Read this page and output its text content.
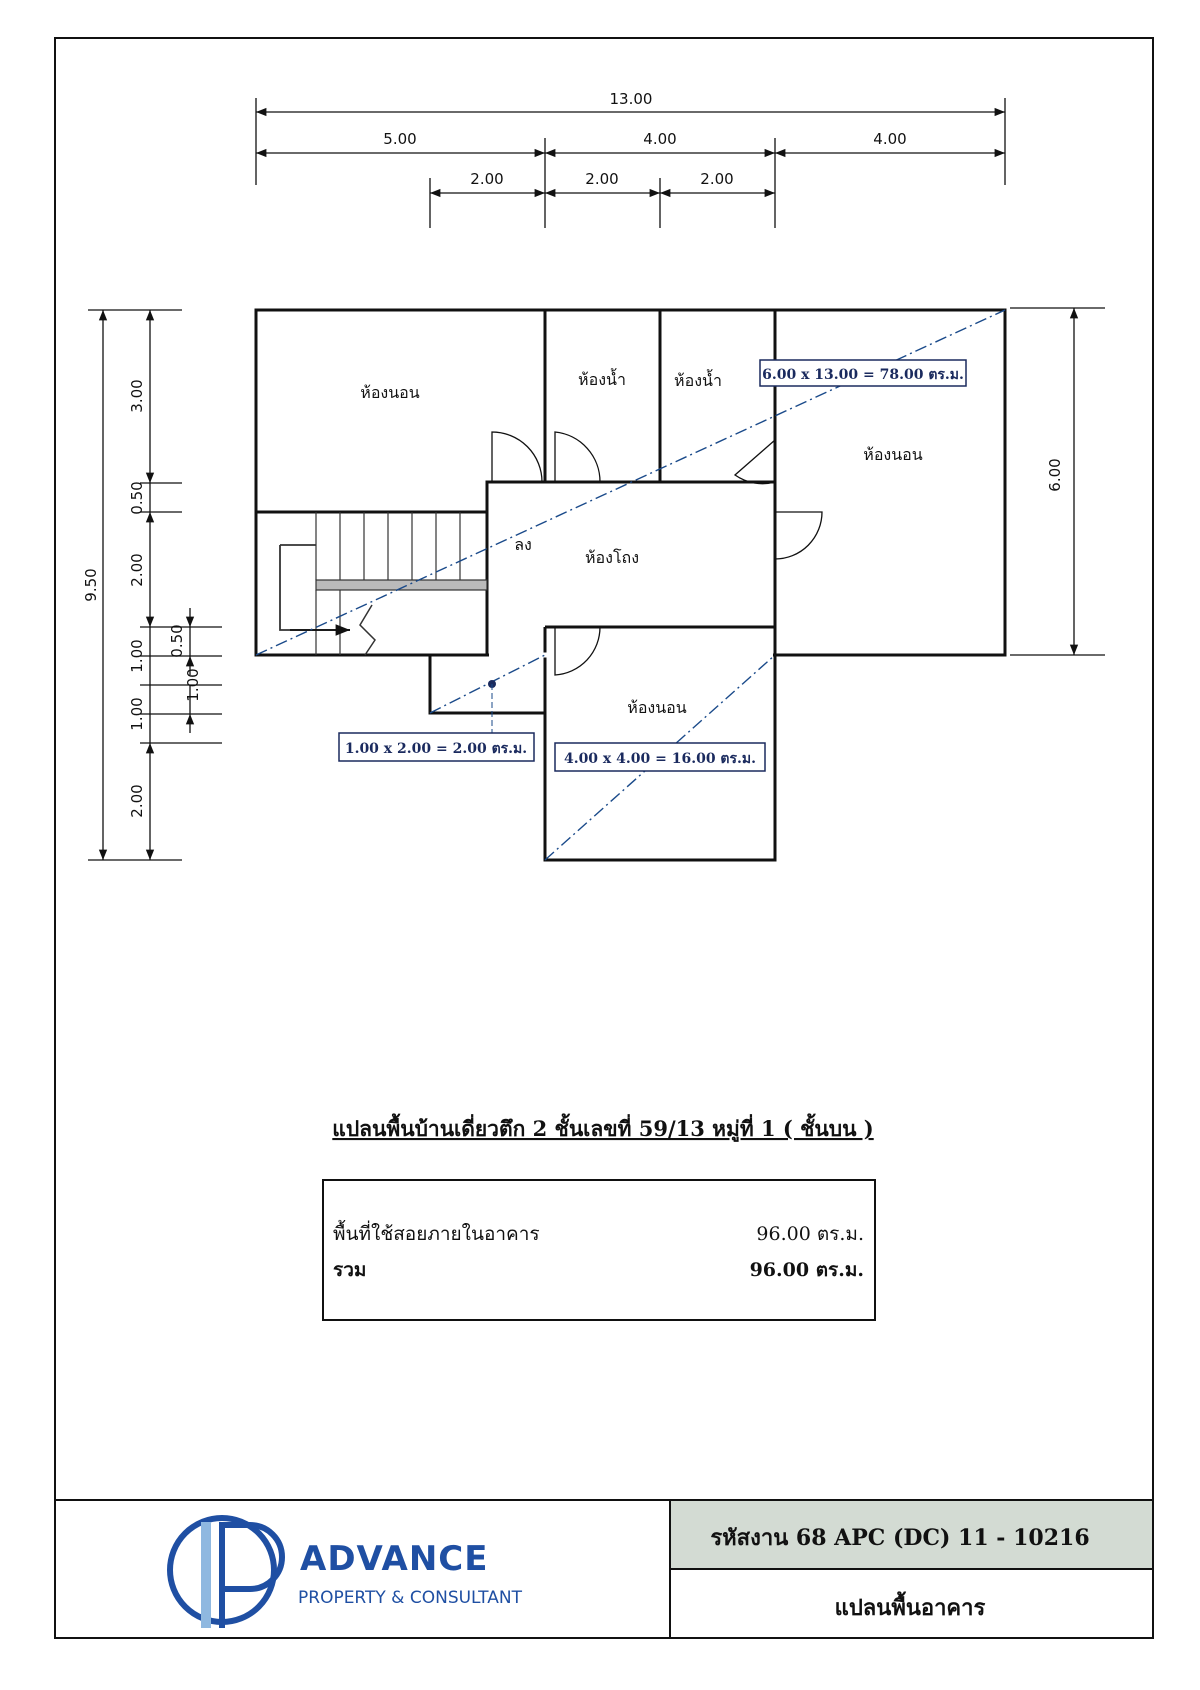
13.00
5.00	4.00	4.00
2.00	2.00	2.00
9.50
3.00
0.50
2.00
0.50
1.00
1.00
1.00
2.00
6.00
ห้องนอน
ห้องน้ำ	ห้องน้ำ
ห้องนอน
ห้องโถง
ลง
ห้องนอน
6.00 x 13.00 = 78.00 ตร.ม.
1.00 x 2.00 = 2.00 ตร.ม.
4.00 x 4.00 = 16.00 ตร.ม.
แปลนพื้นบ้านเดี่ยวตึก 2 ชั้นเลขที่ 59/13 หมู่ที่ 1 ( ชั้นบน )
พื้นที่ใช้สอยภายในอาคาร	96.00 ตร.ม.
รวม	96.00 ตร.ม.
รหัสงาน 68 APC (DC) 11 - 10216
แปลนพื้นอาคาร
ADVANCE
PROPERTY & CONSULTANT
